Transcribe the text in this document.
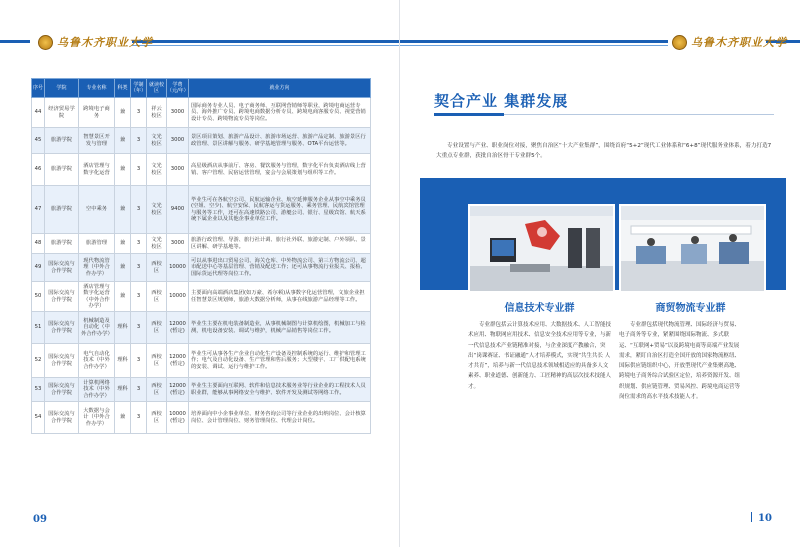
乌鲁木齐职业大学
序号	学院	专业名称	科类	学制（年）	就读校区	学费（元/年）	就业方向
44	经济贸易学院	跨境电子商务	兼	3	祥云校区	3000	国际商务专业人员、电子商务师、互联网营销师等职业，跨境电商运营专员、海外推广专员、跨境电商数据分析专员、跨境电商客服专员、视觉营销设计专员、跨境物流专员等岗位。
45	旅游学院	智慧景区开发与管理	兼	3	文光校区	3000	景区项目策划、旅游产品设计、旅游市场运营、旅游产品定制、旅游景区行政管理、景区讲解与服务、研学基地管理与服务、OTA平台运营等。
46	旅游学院	酒店管理与数字化运营	兼	3	文光校区	3000	高星级酒店从事前厅、客房、餐饮服务与管理，数字化平台负责酒店线上营销、客户管理、民宿运营管理，宴会与会展策划与组织等工作。
47	旅游学院	空中乘务	兼	3	文光校区	9400	毕业生可在各航空公司、民航运输企业、航空延伸服务企业从事空中乘务员(空姐、空少)、航空安保、民航客运与货运服务、乘务管理、民航宾馆管理与服务等工作，还可在高速铁路公司、游艇公司、银行、星级宾馆、航天系统下属企业以及其他企事业单位工作。
48	旅游学院	旅游管理	兼	3	文光校区	3000	旅游行政管理、导游、旅行社计调、旅行社外联、旅游定制、户外领队、景区讲解、研学基地等。
49	国际交流与合作学院	现代物流管理（中外合作办学）	兼	3	西校区	10000	可以从事进出口贸易公司、海关仓库、中外物流公司、第三方物流公司、超市配送中心等基层管理、营销及配送工作；还可从事物流行业报关、报检、国际货运代理等岗位工作。
50	国际交流与合作学院	酒店管理与数字化运营（中外合作办学）	兼	3	西校区	10000	主要面向高端酒店集团(如万豪、希尔顿)从事数字化运营管理，文旅企业担任智慧景区规划师，旅游大数据分析师，从事在线旅游产品经理等工作。
51	国际交流与合作学院	机械制造及自动化（中外合作办学）	理科	3	西校区	12000(暂定)	毕业生主要在机电装备制造业，从事机械制图与计算机绘图，机械加工与检测，机电设备安装、调试与维护，机械产品销售等岗位工作。
52	国际交流与合作学院	电气自动化技术（中外合作办学）	理科	3	西校区	12000(暂定)	毕业生可从事各生产企业自动化生产设备及控制系统的运行、维护和管理工作；电气及自动化设备、生产管理和售后服务；大型楼宇、工厂供配电系统的安装、调试、运行与维护工作。
53	国际交流与合作学院	计算机网络技术（中外合作办学）	理科	3	西校区	12000(暂定)	毕业生主要面向互联网、软件和信息技术服务业等行业企业的工程技术人员职业群，能够从事网络安全与维护、软件开发及测试等网络工作。
54	国际交流与合作学院	大数据与会计（中外合作办学）	兼	3	西校区	10000(暂定)	培养面向中小企事业单位、财务咨询公司等行业企业的出纳岗位、会计核算岗位、会计管理岗位、财务管理岗位、代理会计岗位。
09
乌鲁木齐职业大学
契合产业 集群发展
专业设置与产业、职业岗位对接，聚焦自治区“十大产业集群”，围绕首府“5+2”现代工业体系和“6+8”现代服务业体系，着力打造7大重点专业群，获批自治区骨干专业群5个。
信息技术专业群	商贸物流专业群
专业群包括云计算技术应用、大数据技术、人工智能技术应用、物联网应用技术、信息安全技术应用等专业，与新一代信息技术产业链精准对接，与企业深度产教融合，突出“岗课赛证、书证融通”人才培养模式，实现“共生共长 人才共育”，培养与新一代信息技术领域相适应的具备多人文素养、职业道德、创新能力、工匠精神的高层次技术技能人才。
专业群包括现代物流管理、国际经济与贸易、电子商务等专业，紧紧围绕国际物流、多式联运、“互联网+贸易”以及跨境电商等高端产业发展需求，紧盯自治区打造全国开放的国家物流枢纽、国际供应链组织中心，开放型现代产业集聚高地、跨境电子商务综合试验区定位，培养资源开发、组织规划、供应链管理、贸易风控、跨境电商运营等岗位需求的高水平技术技能人才。
10
